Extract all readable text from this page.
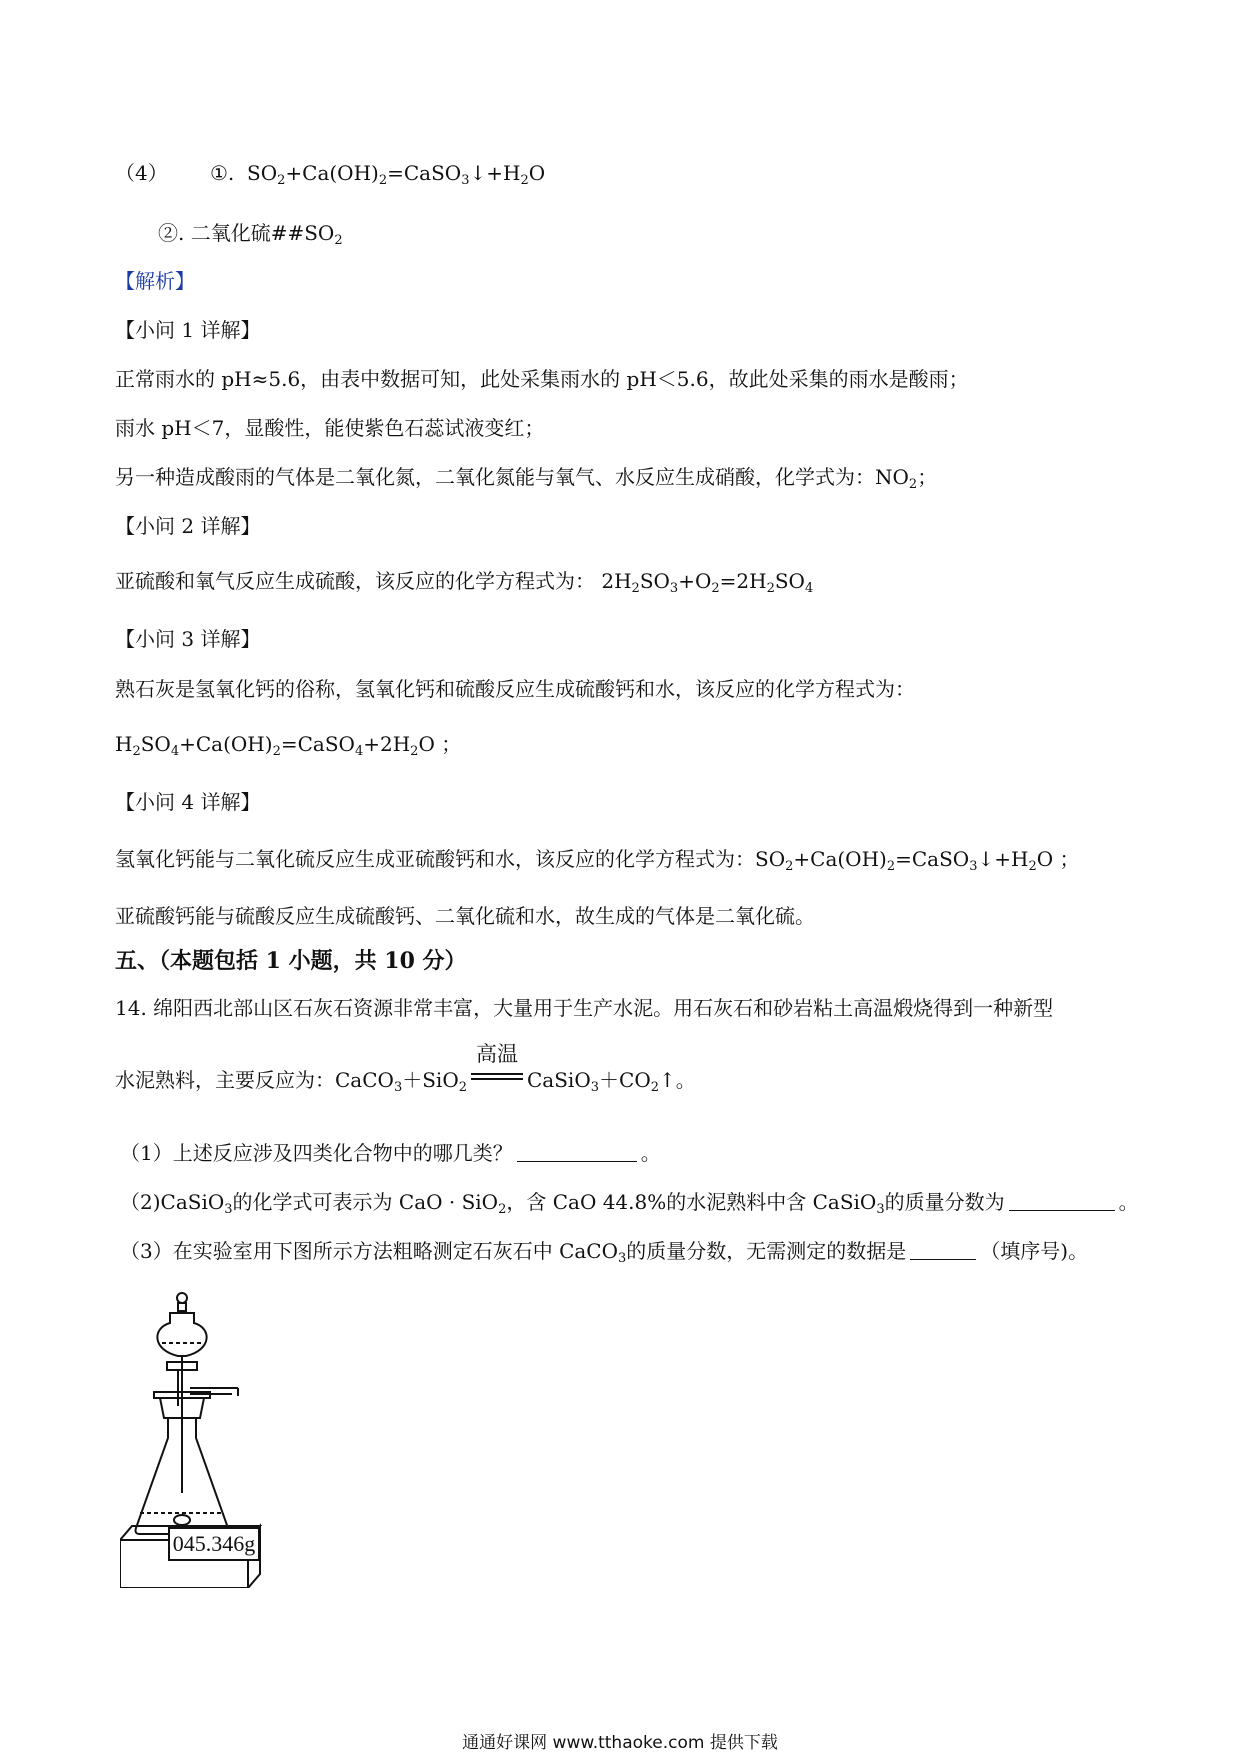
（4） ①.  $SO_2+Ca(OH)_2=CaSO_3↓+H_2O$
②. 二氧化硫$\#\#SO_2$
【解析】
【小问 1 详解】
正常雨水的 pH≈5.6，由表中数据可知，此处采集雨水的 pH＜5.6，故此处采集的雨水是酸雨；
雨水 pH＜7，显酸性，能使紫色石蕊试液变红；
另一种造成酸雨的气体是二氧化氮，二氧化氮能与氧气、水反应生成硝酸，化学式为：$NO_2$；
【小问 2 详解】
亚硫酸和氧气反应生成硫酸，该反应的化学方程式为： $2H_2SO_3+O_2=2H_2SO_4$
【小问 3 详解】
熟石灰是氢氧化钙的俗称，氢氧化钙和硫酸反应生成硫酸钙和水，该反应的化学方程式为：
$H_2SO_4+Ca(OH)_2=CaSO_4+2H_2O$ ；
【小问 4 详解】
氢氧化钙能与二氧化硫反应生成亚硫酸钙和水，该反应的化学方程式为：$SO_2+Ca(OH)_2=CaSO_3↓+H_2O$ ；
亚硫酸钙能与硫酸反应生成硫酸钙、二氧化硫和水，故生成的气体是二氧化硫。
五、（本题包括 1 小题，共 10 分）
14. 绵阳西北部山区石灰石资源非常丰富，大量用于生产水泥。用石灰石和砂岩粘土高温煅烧得到一种新型
水泥熟料，主要反应为：CaCO$_3$＋SiO$_2$
高温
$CaSiO_3+CO_2↑$。
（1）上述反应涉及四类化合物中的哪几类？	。
（2)CaSiO$_3$的化学式可表示为 CaO · SiO$_2$，含 CaO 44.8%的水泥熟料中含 CaSiO$_3$的质量分数为	。
（3）在实验室用下图所示方法粗略测定石灰石中 CaCO$_3$的质量分数，无需测定的数据是	（填序号)。
045.346g
通通好课网 www.tthaoke.com 提供下载
